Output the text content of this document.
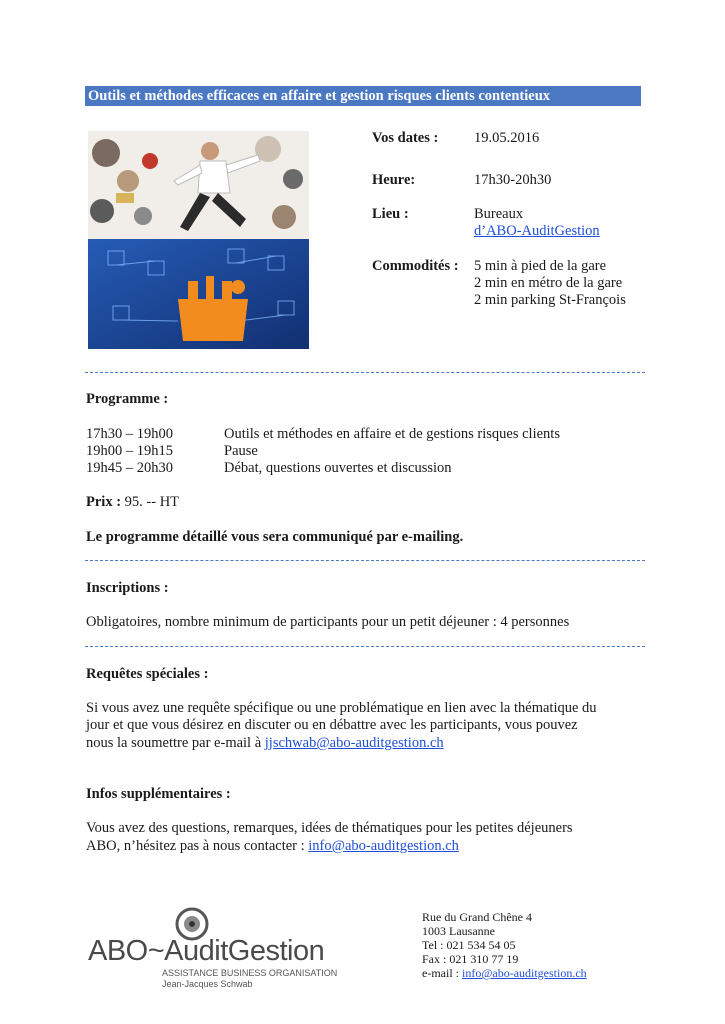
Outils et méthodes efficaces en affaire et gestion risques clients contentieux
Vos dates : 19.05.2016
Heure:	17h30-20h30
Lieu :	Bureaux
d’ABO-AuditGestion
Commodités : 5 min à pied de la gare
2 min en métro de la gare
2 min parking St-François
Programme :
17h30 – 19h00	Outils et méthodes en affaire et de gestions risques clients
19h00 – 19h15	Pause
19h45 – 20h30	Débat, questions ouvertes et discussion
Prix : 95. -- HT
Le programme détaillé vous sera communiqué par e-mailing.
Inscriptions :
Obligatoires, nombre minimum de participants pour un petit déjeuner : 4 personnes
Requêtes spéciales :
Si vous avez une requête spécifique ou une problématique en lien avec la thématique du
jour et que vous désirez en discuter ou en débattre avec les participants, vous pouvez
nous la soumettre par e-mail à jjschwab@abo-auditgestion.ch
Infos supplémentaires :
Vous avez des questions, remarques, idées de thématiques pour les petites déjeuners
ABO, n’hésitez pas à nous contacter : info@abo-auditgestion.ch
ABO~AuditGestion
ASSISTANCE BUSINESS ORGANISATION
Jean-Jacques Schwab
Rue du Grand Chêne 4
1003 Lausanne
Tel : 021 534 54 05
Fax : 021 310 77 19
e-mail : info@abo-auditgestion.ch
